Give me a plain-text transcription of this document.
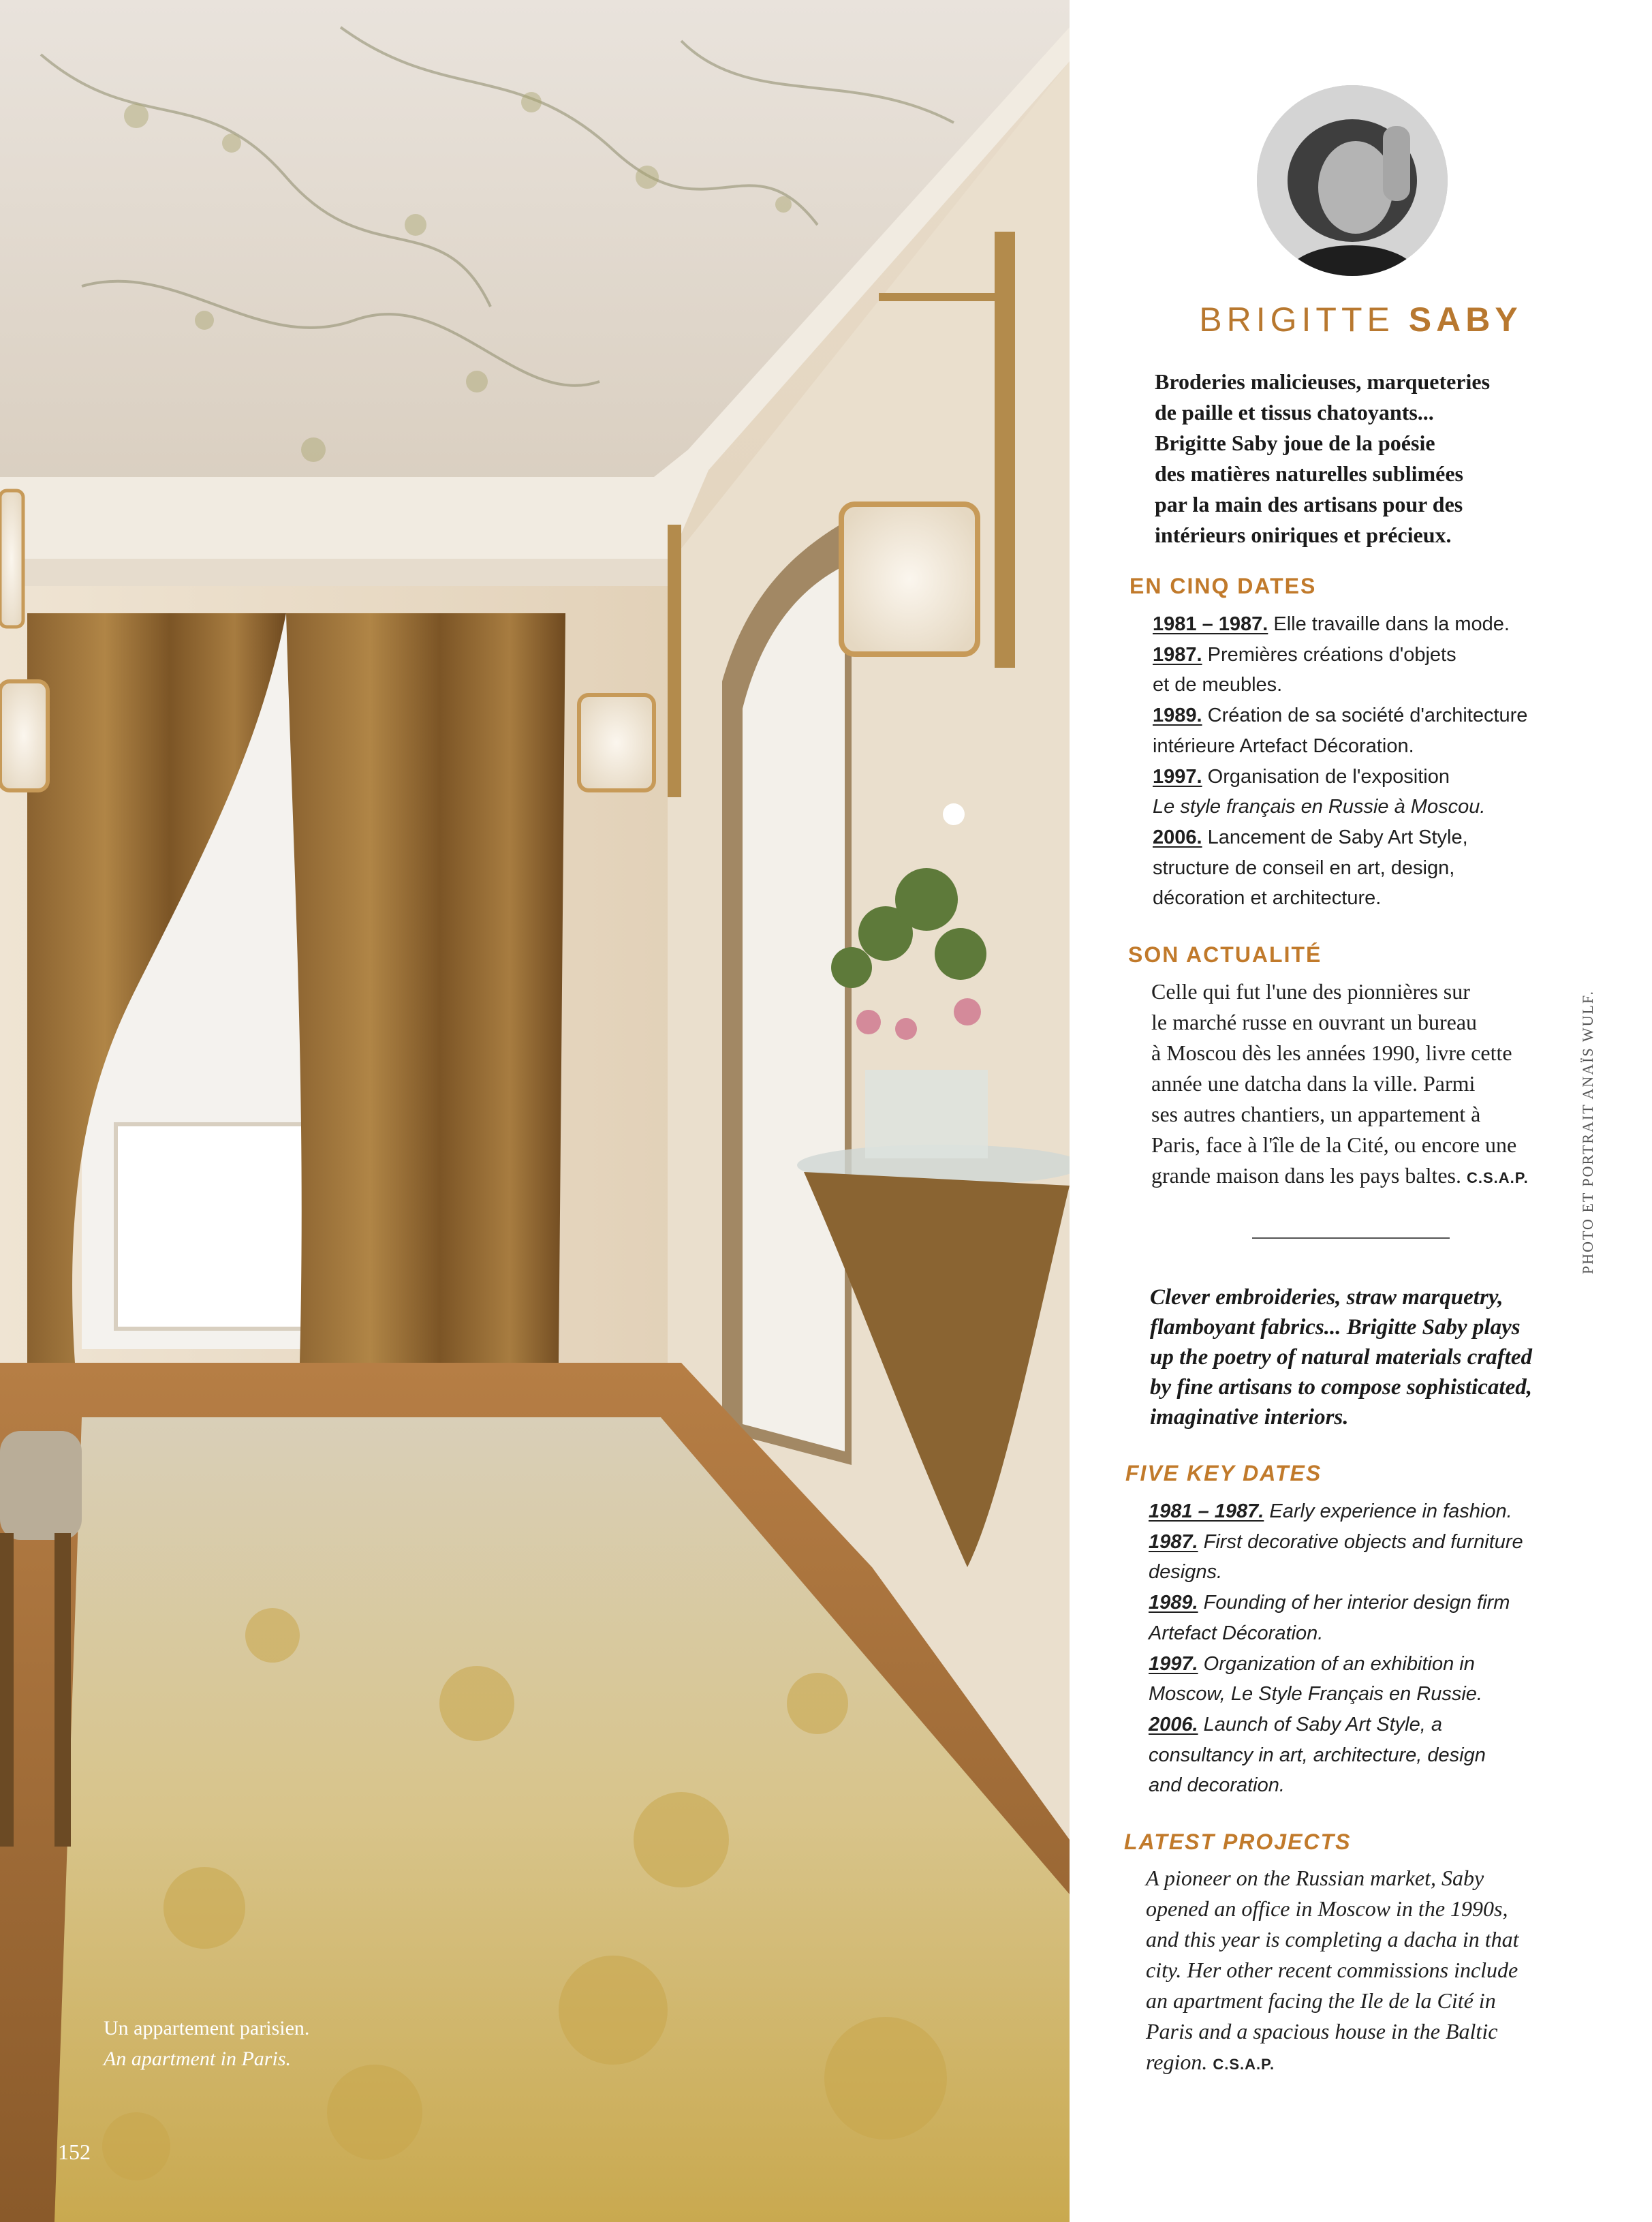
Un appartement parisien.
An apartment in Paris.
152
BRIGITTE SABY
Broderies malicieuses, marqueteries
de paille et tissus chatoyants...
Brigitte Saby joue de la poésie
des matières naturelles sublimées
par la main des artisans pour des
intérieurs oniriques et précieux.
EN CINQ DATES
1981 – 1987. Elle travaille dans la mode.
1987. Premières créations d'objets
et de meubles.
1989. Création de sa société d'architecture
intérieure Artefact Décoration.
1997. Organisation de l'exposition
Le style français en Russie à Moscou.
2006. Lancement de Saby Art Style,
structure de conseil en art, design,
décoration et architecture.
SON ACTUALITÉ
Celle qui fut l'une des pionnières sur
le marché russe en ouvrant un bureau
à Moscou dès les années 1990, livre cette
année une datcha dans la ville. Parmi
ses autres chantiers, un appartement à
Paris, face à l'île de la Cité, ou encore une
grande maison dans les pays baltes. C.S.A.P.	PHOTO ET PORTRAIT ANAÏS WULF.
Clever embroideries, straw marquetry,
flamboyant fabrics... Brigitte Saby plays
up the poetry of natural materials crafted
by fine artisans to compose sophisticated,
imaginative interiors.
FIVE KEY DATES
1981 – 1987. Early experience in fashion.
1987. First decorative objects and furniture
designs.
1989. Founding of her interior design firm
Artefact Décoration.
1997. Organization of an exhibition in
Moscow, Le Style Français en Russie.
2006. Launch of Saby Art Style, a
consultancy in art, architecture, design
and decoration.
LATEST PROJECTS
A pioneer on the Russian market, Saby
opened an office in Moscow in the 1990s,
and this year is completing a dacha in that
city. Her other recent commissions include
an apartment facing the Ile de la Cité in
Paris and a spacious house in the Baltic
region. C.S.A.P.
